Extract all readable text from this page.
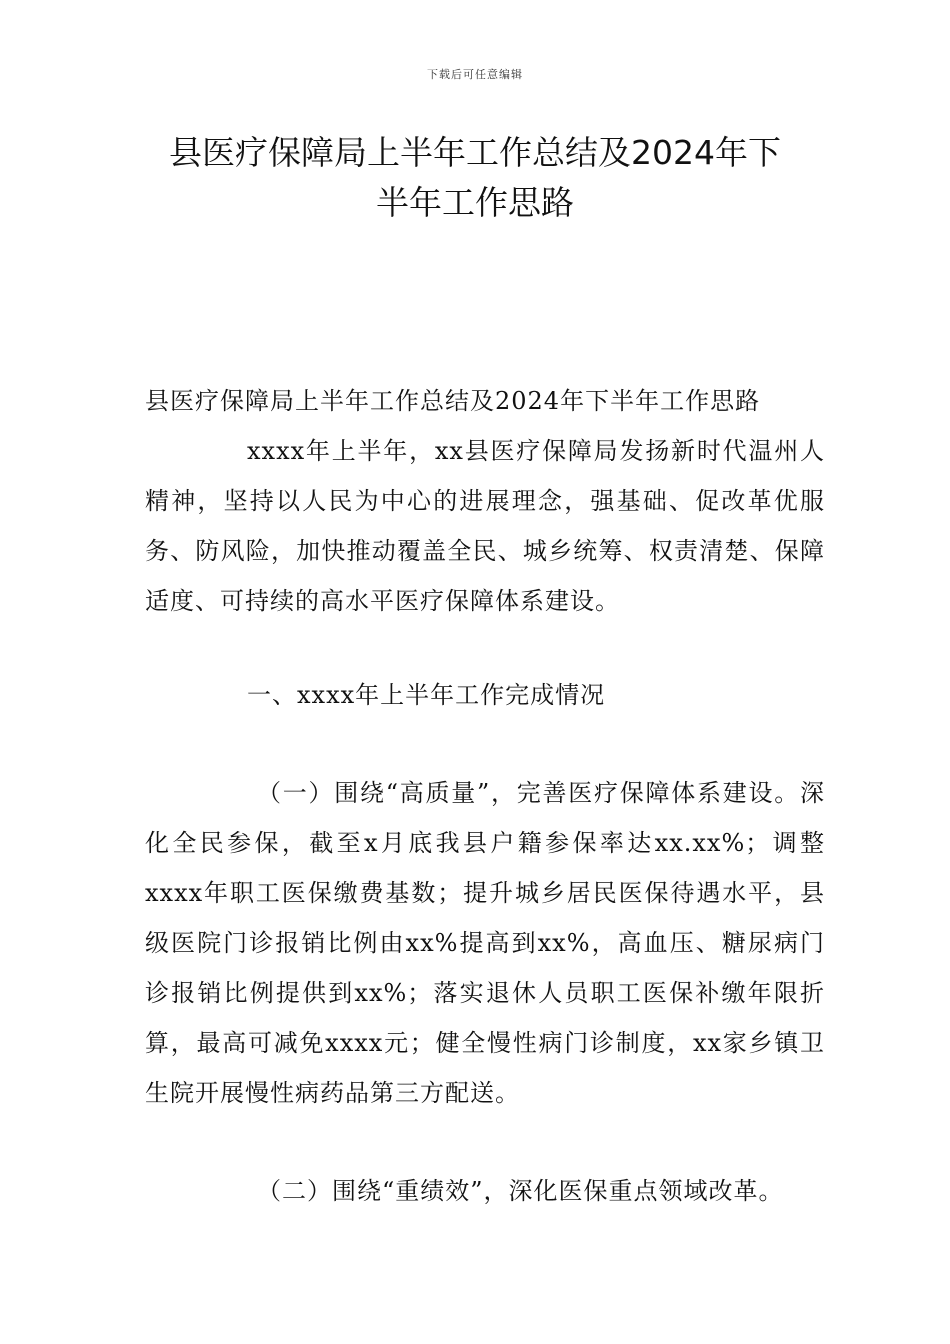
下载后可任意编辑
县医疗保障局上半年工作总结及2024年下
半年工作思路

县医疗保障局上半年工作总结及2024年下半年工作思路

xxxx年上半年，xx县医疗保障局发扬新时代温州人精神，坚持以人民为中心的进展理念，强基础、促改革优服务、防风险，加快推动覆盖全民、城乡统筹、权责清楚、保障适度、可持续的高水平医疗保障体系建设。

一、xxxx年上半年工作完成情况

（一）围绕“高质量”，完善医疗保障体系建设。深化全民参保，截至x月底我县户籍参保率达xx.xx%；调整xxxx年职工医保缴费基数；提升城乡居民医保待遇水平，县级医院门诊报销比例由xx%提高到xx%，高血压、糖尿病门诊报销比例提供到xx%；落实退休人员职工医保补缴年限折算，最高可减免xxxx元；健全慢性病门诊制度，xx家乡镇卫生院开展慢性病药品第三方配送。

（二）围绕“重绩效”，深化医保重点领域改革。
